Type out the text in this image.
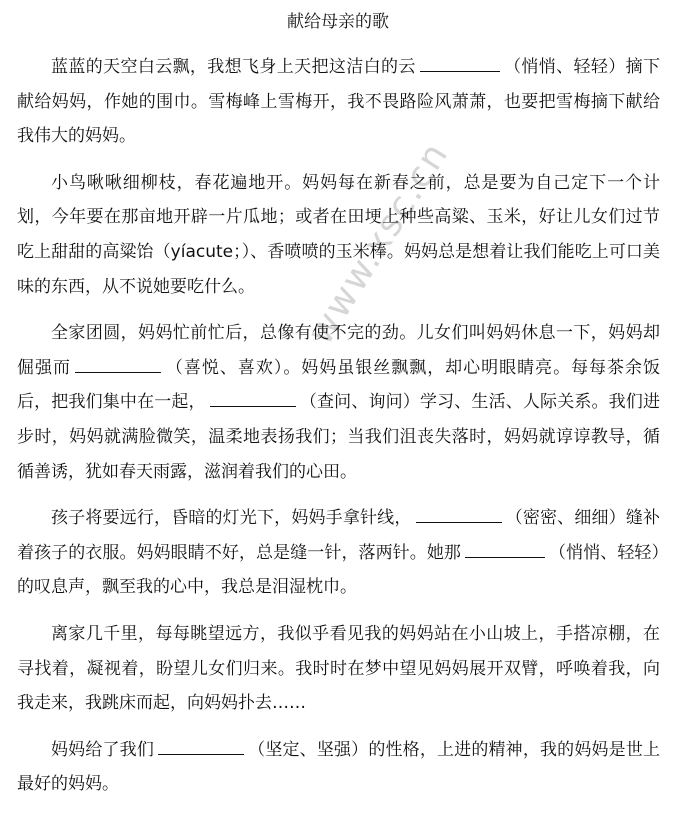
www.xsc.cn
献给母亲的歌

蓝蓝的天空白云飘，我想飞身上天把这洁白的云	（悄悄、轻轻）摘下献给妈妈，作她的围巾。雪梅峰上雪梅开，我不畏路险风萧萧，也要把雪梅摘下献给我伟大的妈妈。

小鸟啾啾细柳枝，春花遍地开。妈妈每在新春之前，总是要为自己定下一个计划，今年要在那亩地开辟一片瓜地；或者在田埂上种些高粱、玉米，好让儿女们过节吃上甜甜的高粱饴（yíacute；）、香喷喷的玉米棒。妈妈总是想着让我们能吃上可口美味的东西，从不说她要吃什么。

全家团圆，妈妈忙前忙后，总像有使不完的劲。儿女们叫妈妈休息一下，妈妈却倔强而	（喜悦、喜欢）。妈妈虽银丝飘飘，却心明眼睛亮。每每茶余饭后，把我们集中在一起，	（查问、询问）学习、生活、人际关系。我们进步时，妈妈就满脸微笑，温柔地表扬我们；当我们沮丧失落时，妈妈就谆谆教导，循循善诱，犹如春天雨露，滋润着我们的心田。

孩子将要远行，昏暗的灯光下，妈妈手拿针线，	（密密、细细）缝补着孩子的衣服。妈妈眼睛不好，总是缝一针，落两针。她那	（悄悄、轻轻）的叹息声，飘至我的心中，我总是泪湿枕巾。

离家几千里，每每眺望远方，我似乎看见我的妈妈站在小山坡上，手搭凉棚，在寻找着，凝视着，盼望儿女们归来。我时时在梦中望见妈妈展开双臂，呼唤着我，向我走来，我跳床而起，向妈妈扑去……

妈妈给了我们	（坚定、坚强）的性格，上进的精神，我的妈妈是世上最好的妈妈。
